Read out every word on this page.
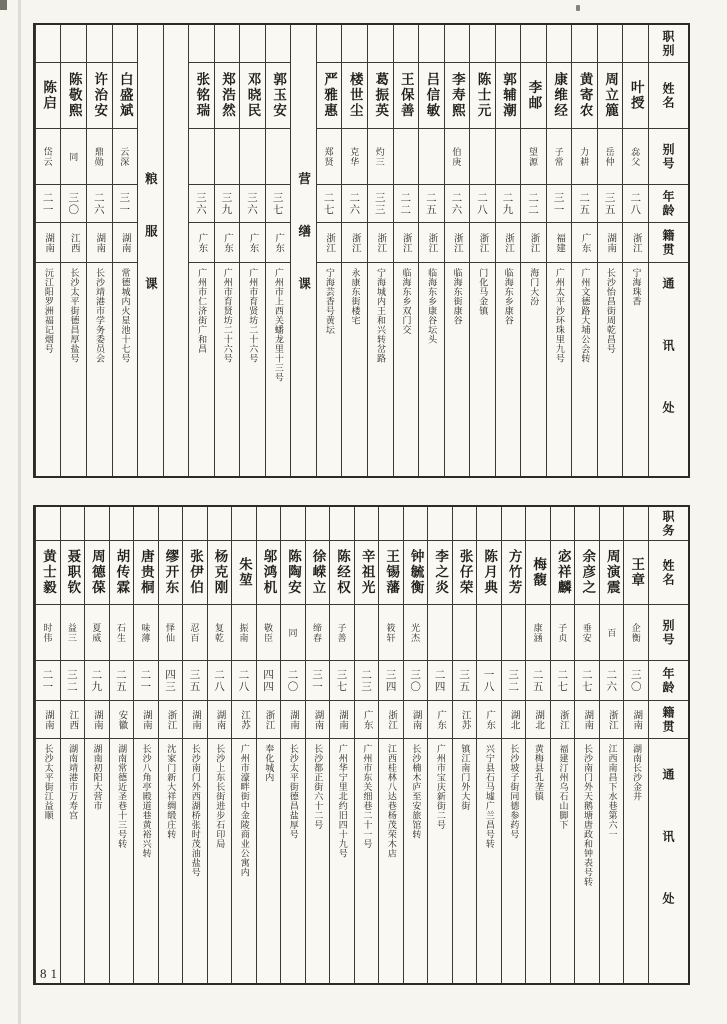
职别
姓名
别号
年龄
籍贯
通讯处
叶授
惢父
二八
浙江
宁海珠香
周立簏
岳仲
三五
湖南
长沙怡昌街周乾昌号
黄寄农
力耕
二五
广东
广州文德路大埔公会转
康维经
子常
三一
福建
广州太平沙环珠里九号
李邮
望源
二二
浙江
海门大汾
郭辅潮
二九
浙江
临海东乡康谷
陈士元
二八
浙江
门化马金镇
李寿熙
伯庚
二六
浙江
临海东街康谷
吕信敏
二五
浙江
临海东乡康谷坛头
王保善
二二
浙江
临海东乡双门交
葛振英
灼三
三三
浙江
宁海城内王和兴转岔路
楼世尘
克华
二六
浙江
永康东街楼宅
严雅惠
郑贤
二七
浙江
宁海芸香号黄坛
营缮课
郭玉安
三七
广东
广州市上西关蟠龙里十三号
邓晓民
三六
广东
广州市育贤坊二十六号
郑浩然
三九
广东
广州市育贤坊二十六号
张铭瑞
三六
广东
广州市仁济街广和昌
粮服课
白盛斌
云深
三一
湖南
常德城内火星池十七号
许治安
鼎勋
二六
湖南
长沙靖港市学务委员会
陈敬熙
同
三〇
江西
长沙太平街德昌厚盐号
陈启
岱云
二一
湖南
沅江阳罗洲福记烟号
职务
姓名
别号
年龄
籍贯
通讯处
王章
企衡
三〇
湖南
湖南长沙金井
周演震
百
二六
浙江
江西南昌下水巷第六一
余彦之
垂安
二七
湖南
长沙南门外天鹅塘唐政和钟表号转
宓祥麟
子贞
二七
浙江
福建汀州乌石山脚下
梅馥
康涵
二五
湖北
黄梅县孔垄镇
方竹芳
三二
湖北
长沙坡子街同德参药号
陈月典
一八
广东
兴宁县石马墟广兰昌号转
张仔荣
三五
江苏
镇江南门外大街
李之炎
二四
广东
广州市宝庆新街二号
钟毓衡
光杰
三〇
湖南
长沙楠木庐至安旅馆转
王锡藩
筱轩
三四
浙江
江西桂林八达巷杨茂荣木店
辛祖光
二三
广东
广州市东关细巷二十一号
陈经权
子善
三七
湖南
广州华宁里北约旧四十九号
徐嵘立
缔春
三一
湖南
长沙都正街六十二号
陈陶安
同
二〇
湖南
长沙太平街德昌盐厚号
邬鸿机
敬臣
四四
浙江
奉化城内
朱堃
振南
二八
江苏
广州市濠畔街中金陵商业公寓内
杨克刚
复乾
二八
湖南
长沙上东长街进步石印局
张伊伯
忍百
三五
湖南
长沙南门外西湖桥张时茂油盐号
缪开东
怿仙
四三
浙江
沈家门新大祥绸缎庄转
唐贵桐
味薄
二一
湖南
长沙八角亭殿道巷黄裕兴转
胡传霖
石生
二五
安徽
湖南常德近圣巷十三号转
周德葆
夏威
二九
湖南
湖南初阳大营市
聂职钦
益三
三二
江西
湖南靖港市万寿宫
黄士毅
时伟
二一
湖南
长沙太平街江益顺
81
